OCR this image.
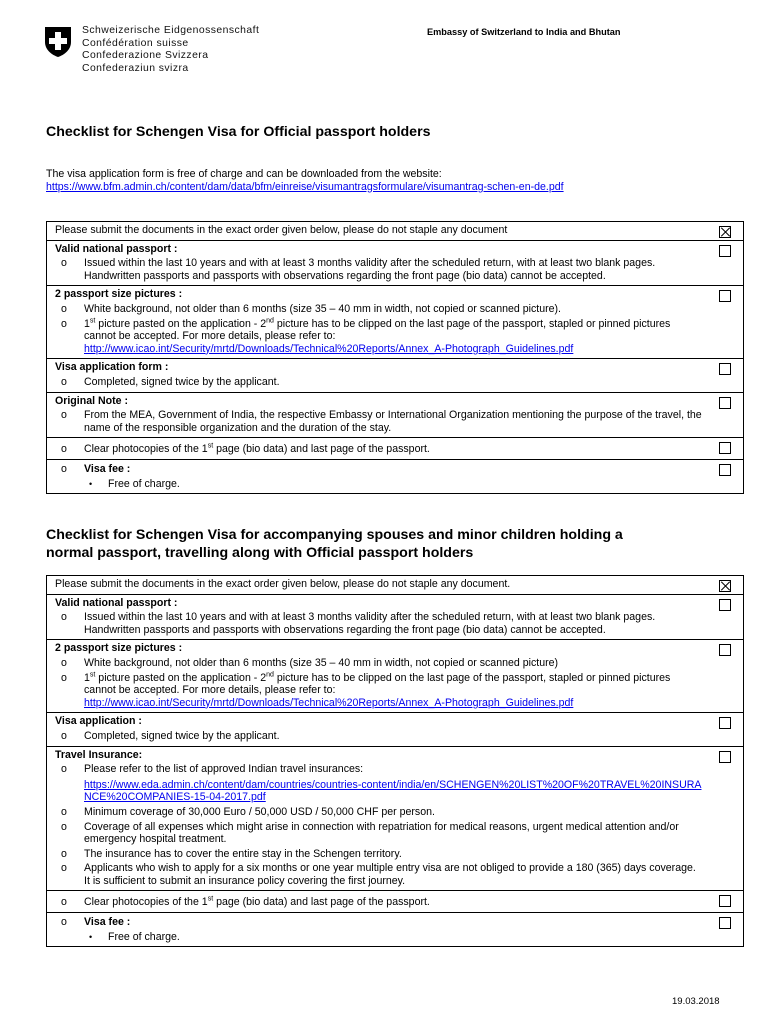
Schweizerische Eidgenossenschaft
Confédération suisse
Confederazione Svizzera
Confederaziun svizra
Embassy of Switzerland to India and Bhutan
Checklist for Schengen Visa for Official passport holders
The visa application form is free of charge and can be downloaded from the website:
https://www.bfm.admin.ch/content/dam/data/bfm/einreise/visumantragsformulare/visumantrag-schen-en-de.pdf
Please submit the documents in the exact order given below, please do not staple any document
Valid national passport :
o Issued within the last 10 years and with at least 3 months validity after the scheduled return, with at least two blank pages. Handwritten passports and passports with observations regarding the front page (bio data) cannot be accepted.
2 passport size pictures :
o White background, not older than 6 months (size 35 – 40 mm in width, not copied or scanned picture).
o 1st picture pasted on the application - 2nd picture has to be clipped on the last page of the passport, stapled or pinned pictures cannot be accepted. For more details, please refer to:
http://www.icao.int/Security/mrtd/Downloads/Technical%20Reports/Annex_A-Photograph_Guidelines.pdf
Visa application form :
o Completed, signed twice by the applicant.
Original Note :
o From the MEA, Government of India, the respective Embassy or International Organization mentioning the purpose of the travel, the name of the responsible organization and the duration of the stay.
o Clear photocopies of the 1st page (bio data) and last page of the passport.
o Visa fee :
• Free of charge.
Checklist for Schengen Visa for accompanying spouses and minor children holding a
normal passport, travelling along with Official passport holders
Please submit the documents in the exact order given below, please do not staple any document.
Valid national passport :
o Issued within the last 10 years and with at least 3 months validity after the scheduled return, with at least two blank pages. Handwritten passports and passports with observations regarding the front page (bio data) cannot be accepted.
2 passport size pictures :
o White background, not older than 6 months (size 35 – 40 mm in width, not copied or scanned picture)
o 1st picture pasted on the application - 2nd picture has to be clipped on the last page of the passport, stapled or pinned pictures cannot be accepted. For more details, please refer to:
http://www.icao.int/Security/mrtd/Downloads/Technical%20Reports/Annex_A-Photograph_Guidelines.pdf
Visa application :
o Completed, signed twice by the applicant.
Travel Insurance:
o Please refer to the list of approved Indian travel insurances:
https://www.eda.admin.ch/content/dam/countries/countries-content/india/en/SCHENGEN%20LIST%20OF%20TRAVEL%20INSURANCE%20COMPANIES-15-04-2017.pdf
o Minimum coverage of 30,000 Euro / 50,000 USD / 50,000 CHF per person.
o Coverage of all expenses which might arise in connection with repatriation for medical reasons, urgent medical attention and/or emergency hospital treatment.
o The insurance has to cover the entire stay in the Schengen territory.
o Applicants who wish to apply for a six months or one year multiple entry visa are not obliged to provide a 180 (365) days coverage. It is sufficient to submit an insurance policy covering the first journey.
o Clear photocopies of the 1st page (bio data) and last page of the passport.
o Visa fee :
• Free of charge.
19.03.2018
